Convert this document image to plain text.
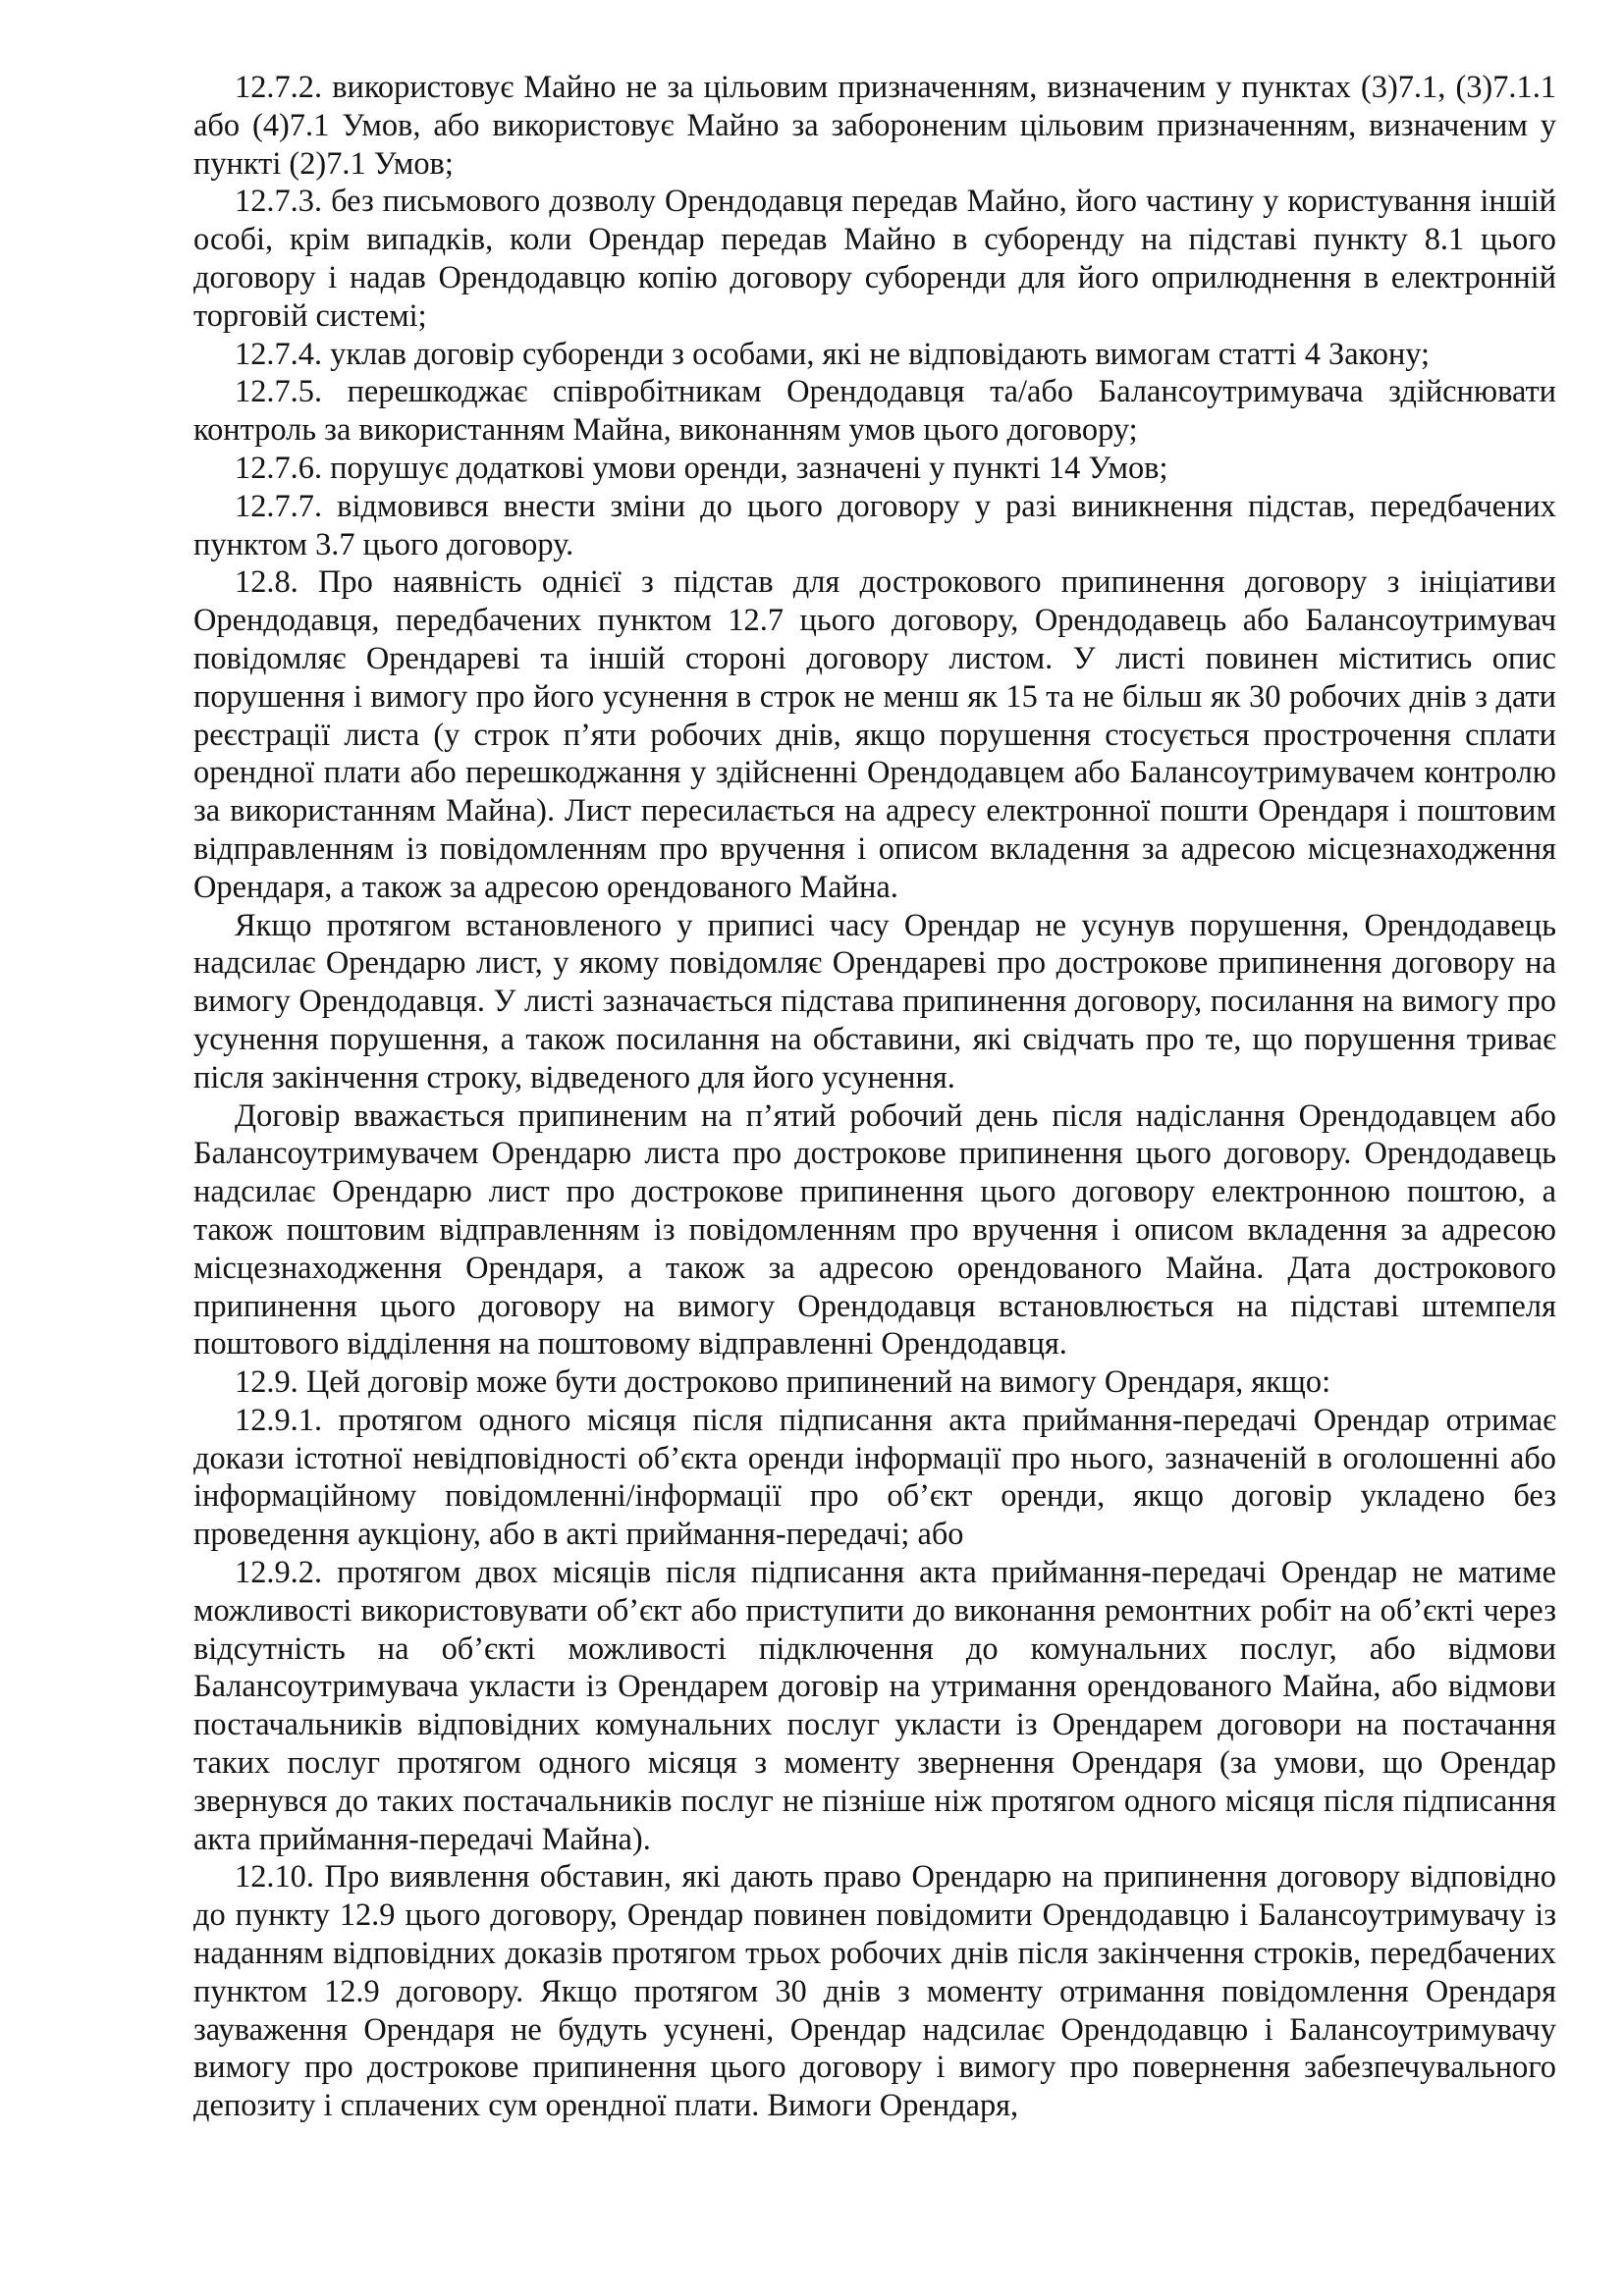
12.7.2. використовує Майно не за цільовим призначенням, визначеним у пунктах (3)7.1, (3)7.1.1 або (4)7.1 Умов, або використовує Майно за забороненим цільовим призначенням, визначеним у пункті (2)7.1 Умов;

12.7.3. без письмового дозволу Орендодавця передав Майно, його частину у користування іншій особі, крім випадків, коли Орендар передав Майно в суборенду на підставі пункту 8.1 цього договору і надав Орендодавцю копію договору суборенди для його оприлюднення в електронній торговій системі;

12.7.4. уклав договір суборенди з особами, які не відповідають вимогам статті 4 Закону;

12.7.5. перешкоджає співробітникам Орендодавця та/або Балансоутримувача здійснювати контроль за використанням Майна, виконанням умов цього договору;

12.7.6. порушує додаткові умови оренди, зазначені у пункті 14 Умов;

12.7.7. відмовився внести зміни до цього договору у разі виникнення підстав, передбачених пунктом 3.7 цього договору.

12.8. Про наявність однієї з підстав для дострокового припинення договору з ініціативи Орендодавця, передбачених пунктом 12.7 цього договору, Орендодавець або Балансоутримувач повідомляє Орендареві та іншій стороні договору листом. У листі повинен міститись опис порушення і вимогу про його усунення в строк не менш як 15 та не більш як 30 робочих днів з дати реєстрації листа (у строк п’яти робочих днів, якщо порушення стосується прострочення сплати орендної плати або перешкоджання у здійсненні Орендодавцем або Балансоутримувачем контролю за використанням Майна). Лист пересилається на адресу електронної пошти Орендаря і поштовим відправленням із повідомленням про вручення і описом вкладення за адресою місцезнаходження Орендаря, а також за адресою орендованого Майна.

Якщо протягом встановленого у приписі часу Орендар не усунув порушення, Орендодавець надсилає Орендарю лист, у якому повідомляє Орендареві про дострокове припинення договору на вимогу Орендодавця. У листі зазначається підстава припинення договору, посилання на вимогу про усунення порушення, а також посилання на обставини, які свідчать про те, що порушення триває після закінчення строку, відведеного для його усунення.

Договір вважається припиненим на п’ятий робочий день після надіслання Орендодавцем або Балансоутримувачем Орендарю листа про дострокове припинення цього договору. Орендодавець надсилає Орендарю лист про дострокове припинення цього договору електронною поштою, а також поштовим відправленням із повідомленням про вручення і описом вкладення за адресою місцезнаходження Орендаря, а також за адресою орендованого Майна. Дата дострокового припинення цього договору на вимогу Орендодавця встановлюється на підставі штемпеля поштового відділення на поштовому відправленні Орендодавця.

12.9. Цей договір може бути достроково припинений на вимогу Орендаря, якщо:

12.9.1. протягом одного місяця після підписання акта приймання-передачі Орендар отримає докази істотної невідповідності об’єкта оренди інформації про нього, зазначеній в оголошенні або інформаційному повідомленні/інформації про об’єкт оренди, якщо договір укладено без проведення аукціону, або в акті приймання-передачі; або

12.9.2. протягом двох місяців після підписання акта приймання-передачі Орендар не матиме можливості використовувати об’єкт або приступити до виконання ремонтних робіт на об’єкті через відсутність на об’єкті можливості підключення до комунальних послуг, або відмови Балансоутримувача укласти із Орендарем договір на утримання орендованого Майна, або відмови постачальників відповідних комунальних послуг укласти із Орендарем договори на постачання таких послуг протягом одного місяця з моменту звернення Орендаря (за умови, що Орендар звернувся до таких постачальників послуг не пізніше ніж протягом одного місяця після підписання акта приймання-передачі Майна).

12.10. Про виявлення обставин, які дають право Орендарю на припинення договору відповідно до пункту 12.9 цього договору, Орендар повинен повідомити Орендодавцю і Балансоутримувачу із наданням відповідних доказів протягом трьох робочих днів після закінчення строків, передбачених пунктом 12.9 договору. Якщо протягом 30 днів з моменту отримання повідомлення Орендаря зауваження Орендаря не будуть усунені, Орендар надсилає Орендодавцю і Балансоутримувачу вимогу про дострокове припинення цього договору і вимогу про повернення забезпечувального депозиту і сплачених сум орендної плати. Вимоги Орендаря,
